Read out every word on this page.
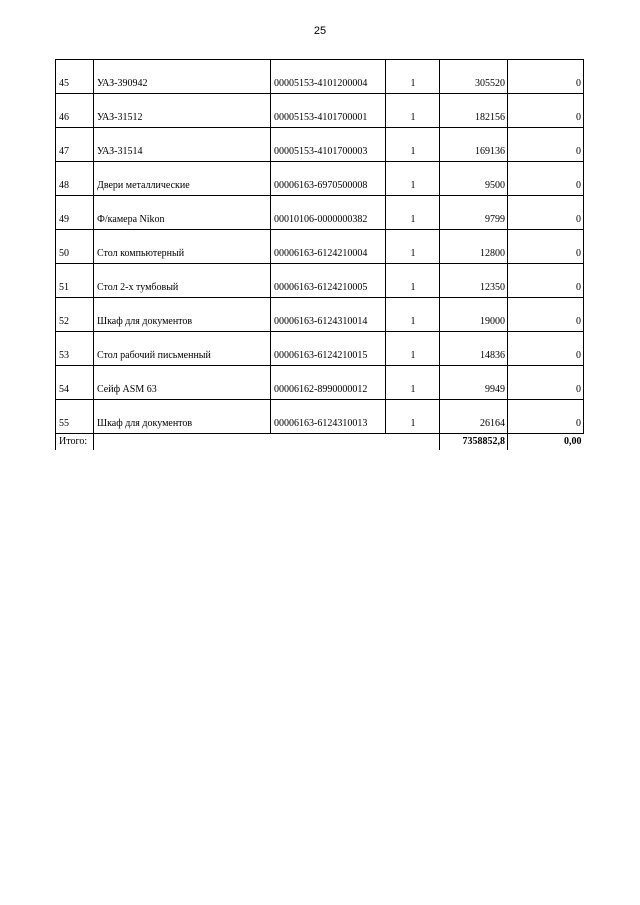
25
45	УАЗ-390942	00005153-4101200004	1	305520	0
46	УАЗ-31512	00005153-4101700001	1	182156	0
47	УАЗ-31514	00005153-4101700003	1	169136	0
48	Двери металлические	00006163-6970500008	1	9500	0
49	Ф/камера Nikon	00010106-0000000382	1	9799	0
50	Стол компьютерный	00006163-6124210004	1	12800	0
51	Стол 2-х тумбовый	00006163-6124210005	1	12350	0
52	Шкаф для документов	00006163-6124310014	1	19000	0
53	Стол рабочий письменный	00006163-6124210015	1	14836	0
54	Сейф ASM 63	00006162-8990000012	1	9949	0
55	Шкаф для документов	00006163-6124310013	1	26164	0
Итого:				7358852,8	0,00
